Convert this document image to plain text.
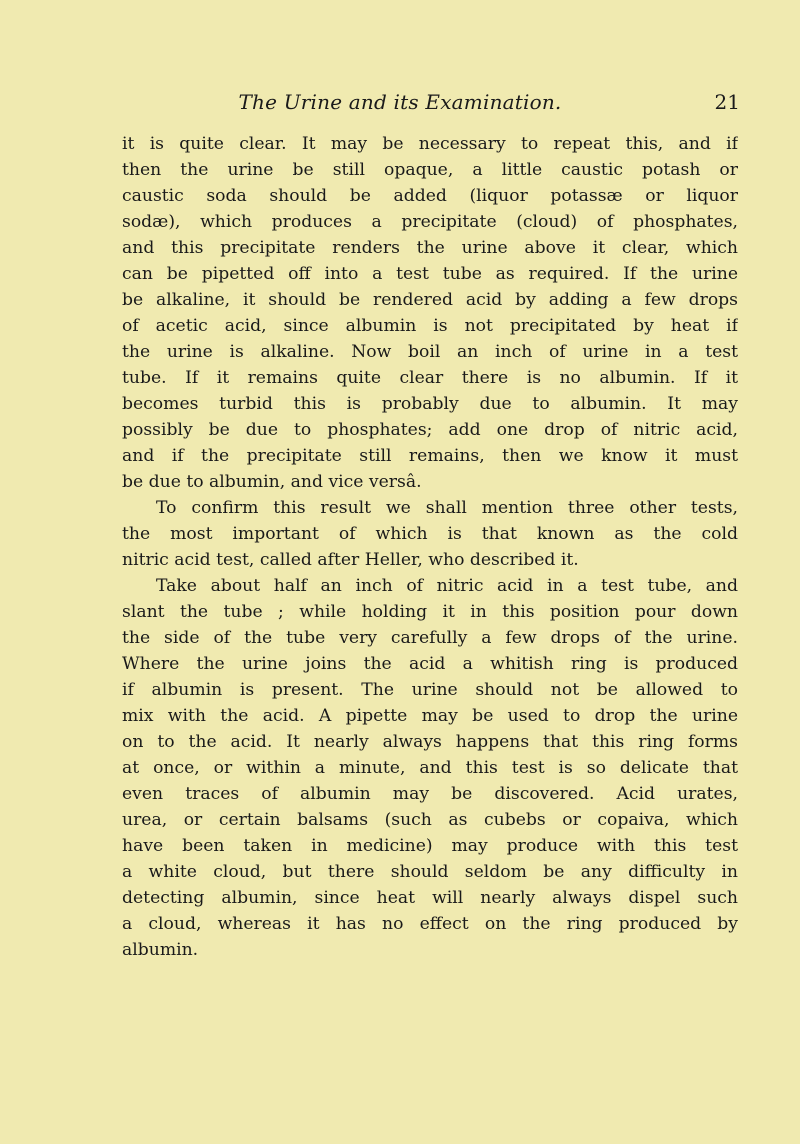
The Urine and its Examination.	21
it is quite clear. It may be necessary to repeat this, and if
then the urine be still opaque, a little caustic potash or
caustic soda should be added (liquor potassæ or liquor
sodæ), which produces a precipitate (cloud) of phosphates,
and this precipitate renders the urine above it clear, which
can be pipetted off into a test tube as required. If the urine
be alkaline, it should be rendered acid by adding a few drops
of acetic acid, since albumin is not precipitated by heat if
the urine is alkaline. Now boil an inch of urine in a test
tube. If it remains quite clear there is no albumin. If it
becomes turbid this is probably due to albumin. It may
possibly be due to phosphates; add one drop of nitric acid,
and if the precipitate still remains, then we know it must
be due to albumin, and vice versâ.
To confirm this result we shall mention three other tests,
the most important of which is that known as the cold
nitric acid test, called after Heller, who described it.
Take about half an inch of nitric acid in a test tube, and
slant the tube ; while holding it in this position pour down
the side of the tube very carefully a few drops of the urine.
Where the urine joins the acid a whitish ring is produced
if albumin is present. The urine should not be allowed to
mix with the acid. A pipette may be used to drop the urine
on to the acid. It nearly always happens that this ring forms
at once, or within a minute, and this test is so delicate that
even traces of albumin may be discovered. Acid urates,
urea, or certain balsams (such as cubebs or copaiva, which
have been taken in medicine) may produce with this test
a white cloud, but there should seldom be any difficulty in
detecting albumin, since heat will nearly always dispel such
a cloud, whereas it has no effect on the ring produced by
albumin.
